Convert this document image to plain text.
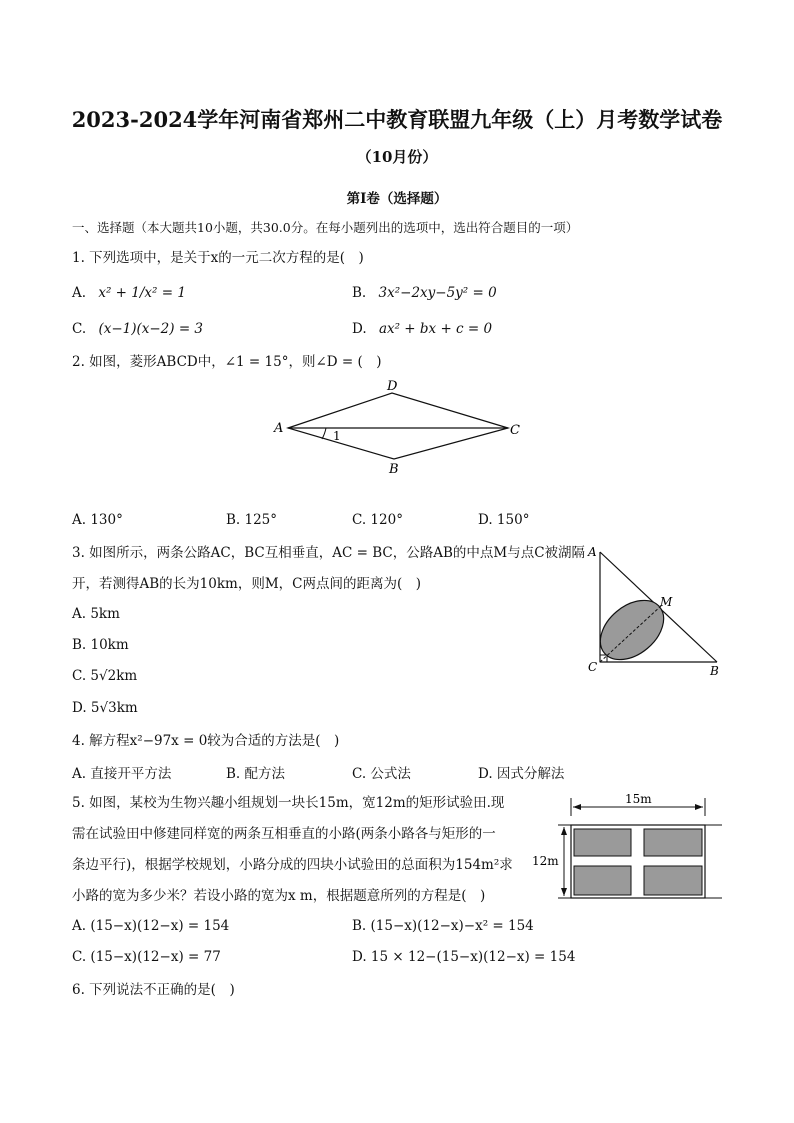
2023-2024学年河南省郑州二中教育联盟九年级（上）月考数学试卷
（10月份）
第Ⅰ卷（选择题）
一、选择题（本大题共10小题，共30.0分。在每小题列出的选项中，选出符合题目的一项）
1. 下列选项中，是关于x的一元二次方程的是(　)
A. x² + 1/x² = 1	B. 3x²−2xy−5y² = 0
C. (x−1)(x−2) = 3	D. ax² + bx + c = 0
2. 如图，菱形ABCD中，∠1 = 15°，则∠D = (　)
A
D
C
B
1
A. 130°	B. 125°	C. 120°	D. 150°
3. 如图所示，两条公路AC，BC互相垂直，AC = BC，公路AB的中点M与点C被湖隔
开，若测得AB的长为10km，则M，C两点间的距离为(　)
A. 5km
B. 10km
C. 5√2km
D. 5√3km
A
C	B
M
4. 解方程x²−97x = 0较为合适的方法是(　)
A. 直接开平方法	B. 配方法	C. 公式法	D. 因式分解法
5. 如图，某校为生物兴趣小组规划一块长15m，宽12m的矩形试验田.现
需在试验田中修建同样宽的两条互相垂直的小路(两条小路各与矩形的一
条边平行)，根据学校规划，小路分成的四块小试验田的总面积为154m²求
小路的宽为多少米？若设小路的宽为x m，根据题意所列的方程是(　)
15m
12m
A. (15−x)(12−x) = 154	B. (15−x)(12−x)−x² = 154
C. (15−x)(12−x) = 77	D. 15 × 12−(15−x)(12−x) = 154
6. 下列说法不正确的是(　)
